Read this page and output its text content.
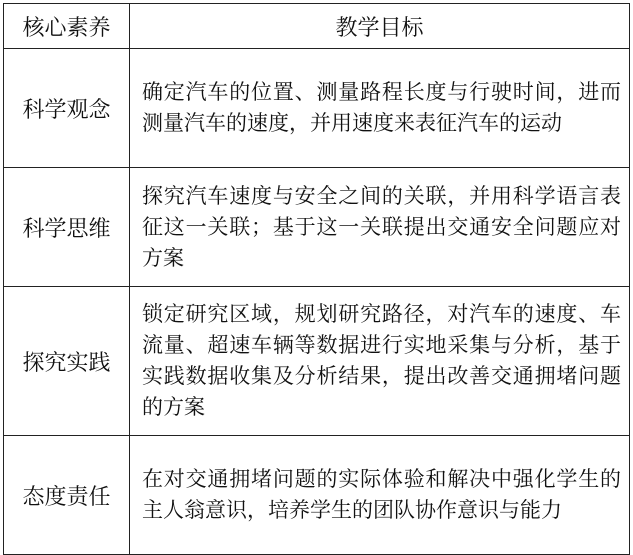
核心素养	教学目标
科学观念	确定汽车的位置、测量路程长度与行驶时间，进而测量汽车的速度，并用速度来表征汽车的运动
科学思维	探究汽车速度与安全之间的关联，并用科学语言表征这一关联；基于这一关联提出交通安全问题应对方案
探究实践	锁定研究区域，规划研究路径，对汽车的速度、车流量、超速车辆等数据进行实地采集与分析，基于实践数据收集及分析结果，提出改善交通拥堵问题的方案
态度责任	在对交通拥堵问题的实际体验和解决中强化学生的主人翁意识，培养学生的团队协作意识与能力
